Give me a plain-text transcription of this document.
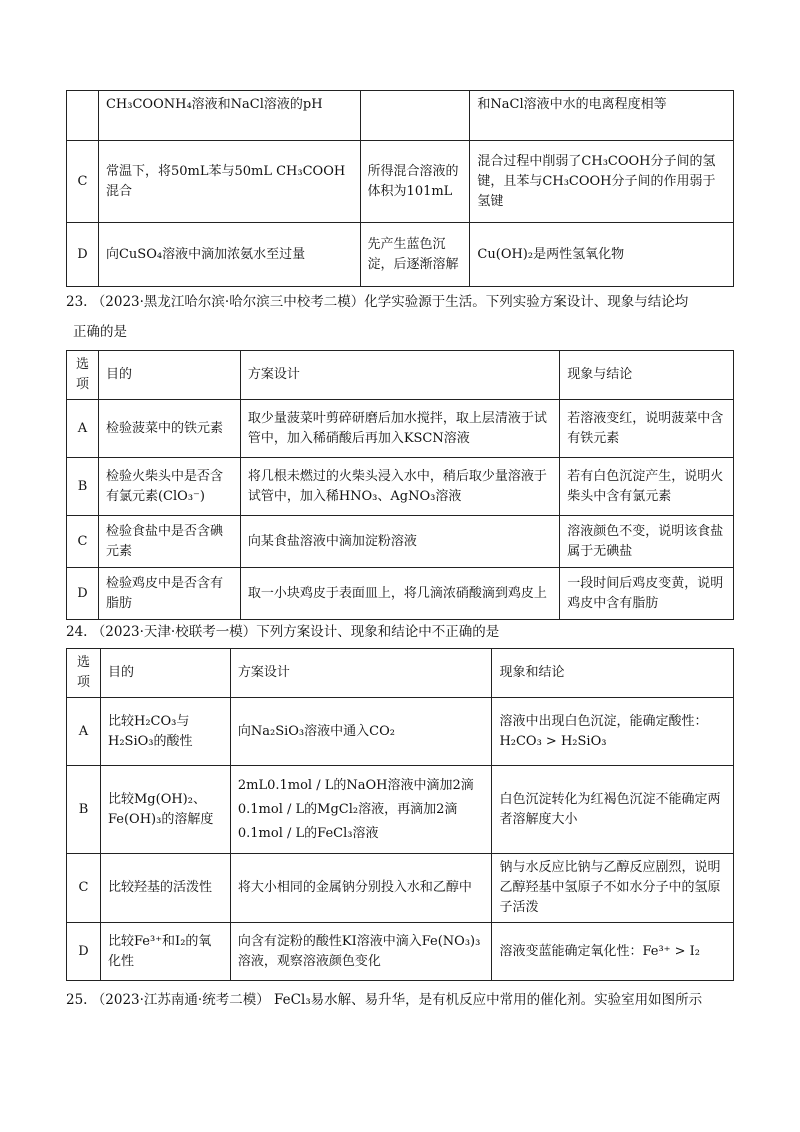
	CH₃COONH₄溶液和NaCl溶液的pH		和NaCl溶液中水的电离程度相等
C	常温下，将50mL苯与50mL CH₃COOH混合	所得混合溶液的体积为101mL	混合过程中削弱了CH₃COOH分子间的氢键，且苯与CH₃COOH分子间的作用弱于氢键
D	向CuSO₄溶液中滴加浓氨水至过量	先产生蓝色沉淀，后逐渐溶解	Cu(OH)₂是两性氢氧化物
23. （2023·黑龙江哈尔滨·哈尔滨三中校考二模）化学实验源于生活。下列实验方案设计、现象与结论均
正确的是
选项	目的	方案设计	现象与结论
A	检验菠菜中的铁元素	取少量菠菜叶剪碎研磨后加水搅拌，取上层清液于试管中，加入稀硝酸后再加入KSCN溶液	若溶液变红，说明菠菜中含有铁元素
B	检验火柴头中是否含有氯元素(ClO₃⁻)	将几根未燃过的火柴头浸入水中，稍后取少量溶液于试管中，加入稀HNO₃、AgNO₃溶液	若有白色沉淀产生，说明火柴头中含有氯元素
C	检验食盐中是否含碘元素	向某食盐溶液中滴加淀粉溶液	溶液颜色不变，说明该食盐属于无碘盐
D	检验鸡皮中是否含有脂肪	取一小块鸡皮于表面皿上，将几滴浓硝酸滴到鸡皮上	一段时间后鸡皮变黄，说明鸡皮中含有脂肪
24. （2023·天津·校联考一模）下列方案设计、现象和结论中不正确的是
选项	目的	方案设计	现象和结论
A	比较H₂CO₃与H₂SiO₃的酸性	向Na₂SiO₃溶液中通入CO₂	溶液中出现白色沉淀，能确定酸性：H₂CO₃ > H₂SiO₃
B	比较Mg(OH)₂、Fe(OH)₃的溶解度	2mL0.1mol / L的NaOH溶液中滴加2滴0.1mol / L的MgCl₂溶液，再滴加2滴0.1mol / L的FeCl₃溶液	白色沉淀转化为红褐色沉淀不能确定两者溶解度大小
C	比较羟基的活泼性	将大小相同的金属钠分别投入水和乙醇中	钠与水反应比钠与乙醇反应剧烈，说明乙醇羟基中氢原子不如水分子中的氢原子活泼
D	比较Fe³⁺和I₂的氧化性	向含有淀粉的酸性KI溶液中滴入Fe(NO₃)₃溶液，观察溶液颜色变化	溶液变蓝能确定氧化性：Fe³⁺ > I₂
25. （2023·江苏南通·统考二模） FeCl₃易水解、易升华，是有机反应中常用的催化剂。实验室用如图所示
